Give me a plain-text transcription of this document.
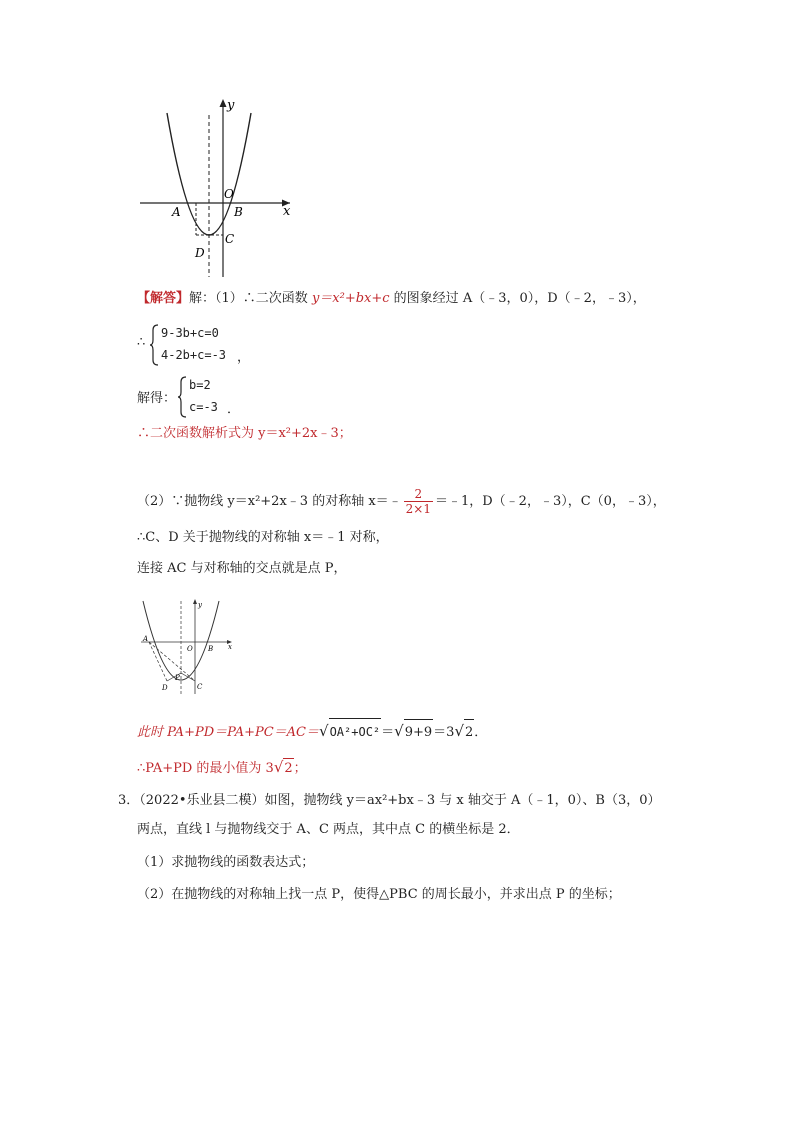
y
x
O
A	B
C
D
【解答】解：（1）∴二次函数 y＝x²+bx+c 的图象经过 A（﹣3，0），D（﹣2，﹣3），
∴
9-3b+c=0
4-2b+c=-3 ，
解得：
b=2
c=-3 ．
∴二次函数解析式为 y＝x²+2x﹣3；
（2）∵抛物线 y＝x²+2x﹣3 的对称轴 x＝﹣ $\frac{2}{2\times 1}$ ＝﹣1，D（﹣2，﹣3），C（0，﹣3），
∴C、D 关于抛物线的对称轴 x＝﹣1 对称，
连接 AC 与对称轴的交点就是点 P，
y
x
O
A
B
C
D
P
此时 PA+PD＝PA+PC＝AC＝√OA²+OC²＝√9+9＝3√2．
∴PA+PD 的最小值为 3√2；
3．（2022•乐业县二模）如图，抛物线 y＝ax²+bx﹣3 与 x 轴交于 A（﹣1，0）、B（3，0）
两点，直线 l 与抛物线交于 A、C 两点，其中点 C 的横坐标是 2．
（1）求抛物线的函数表达式；
（2）在抛物线的对称轴上找一点 P，使得△PBC 的周长最小，并求出点 P 的坐标；
